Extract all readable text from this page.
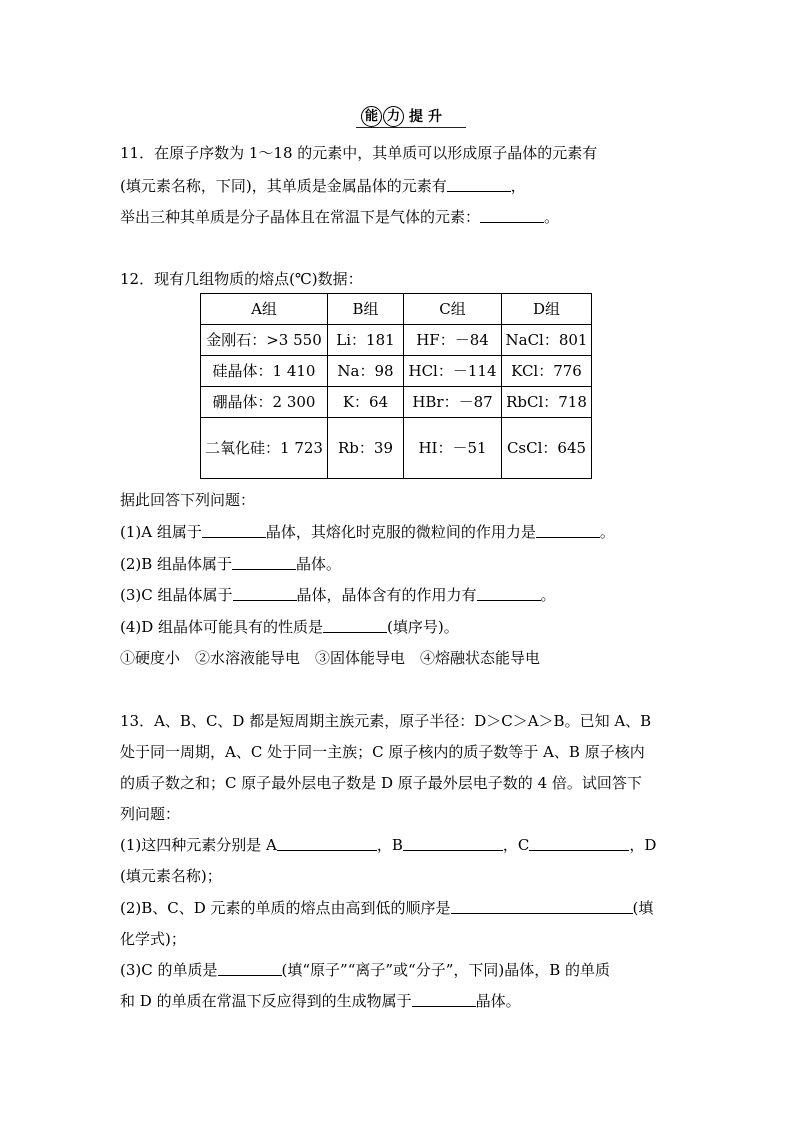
能 力 提升
11．在原子序数为 1～18 的元素中，其单质可以形成原子晶体的元素有
(填元素名称，下同)，其单质是金属晶体的元素有	，
举出三种其单质是分子晶体且在常温下是气体的元素：	。
12．现有几组物质的熔点(℃)数据：
A组	B组	C组	D组
金刚石：>3 550	Li：181	HF：－84	NaCl：801
硅晶体：1 410	Na：98	HCl：－114	KCl：776
硼晶体：2 300	K：64	HBr：－87	RbCl：718
二氧化硅：1 723	Rb：39	HI：－51	CsCl：645
据此回答下列问题：
(1)A 组属于	晶体，其熔化时克服的微粒间的作用力是	。
(2)B 组晶体属于	晶体。
(3)C 组晶体属于	晶体，晶体含有的作用力有	。
(4)D 组晶体可能具有的性质是	(填序号)。
①硬度小　②水溶液能导电　③固体能导电　④熔融状态能导电
13．A、B、C、D 都是短周期主族元素，原子半径：D＞C＞A＞B。已知 A、B
处于同一周期，A、C 处于同一主族；C 原子核内的质子数等于 A、B 原子核内
的质子数之和；C 原子最外层电子数是 D 原子最外层电子数的 4 倍。试回答下
列问题：
(1)这四种元素分别是 A	，B	，C	，D
(填元素名称)；
(2)B、C、D 元素的单质的熔点由高到低的顺序是	(填
化学式)；
(3)C 的单质是	(填“原子”“离子”或“分子”，下同)晶体，B 的单质
和 D 的单质在常温下反应得到的生成物属于	晶体。
